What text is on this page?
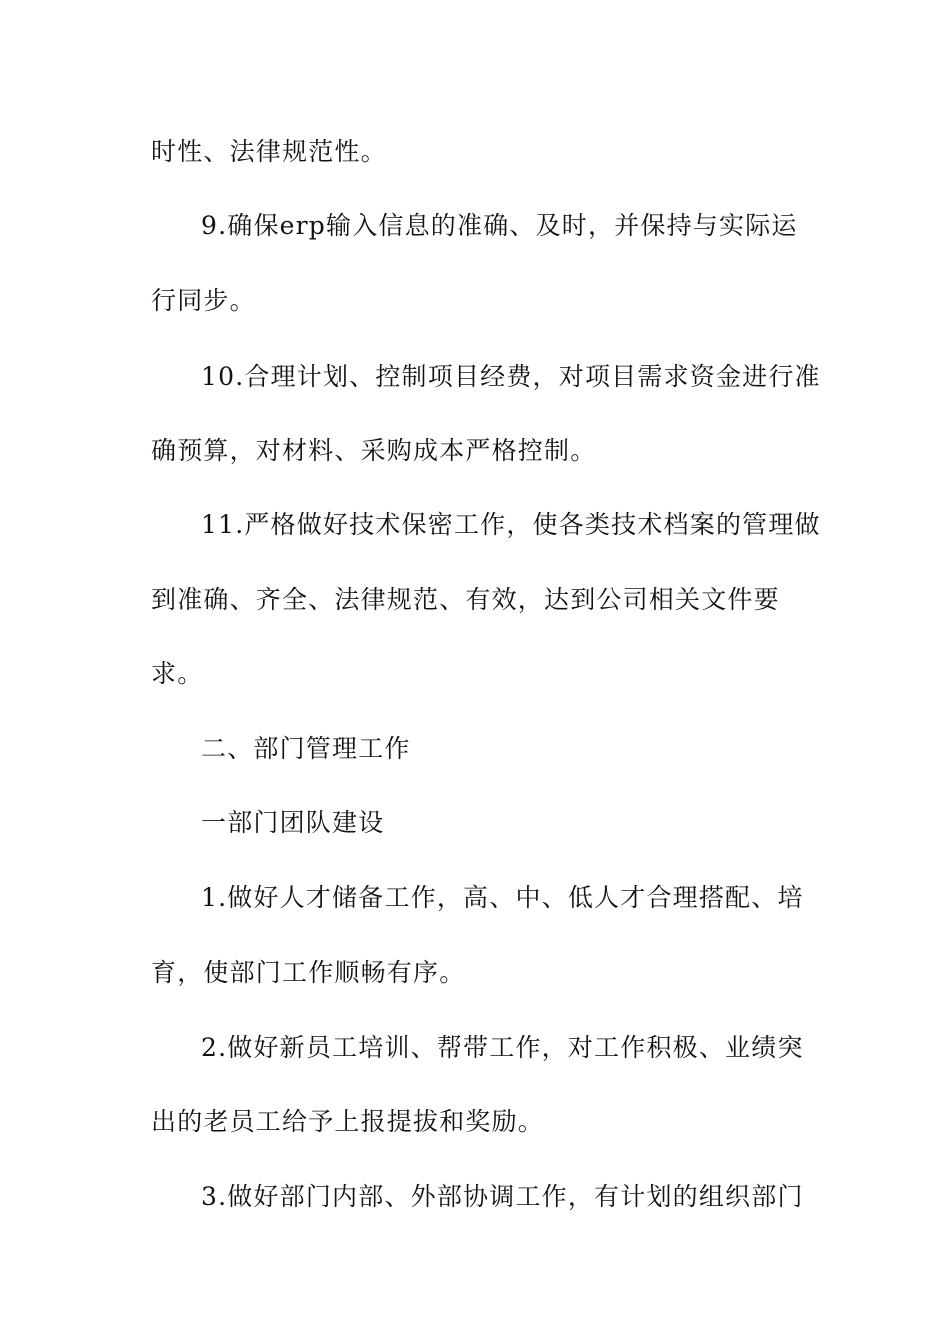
时性、法律规范性。

9.确保erp输入信息的准确、及时，并保持与实际运

行同步。

10.合理计划、控制项目经费，对项目需求资金进行准

确预算，对材料、采购成本严格控制。

11.严格做好技术保密工作，使各类技术档案的管理做

到准确、齐全、法律规范、有效，达到公司相关文件要

求。

二、部门管理工作

一部门团队建设

1.做好人才储备工作，高、中、低人才合理搭配、培

育，使部门工作顺畅有序。

2.做好新员工培训、帮带工作，对工作积极、业绩突

出的老员工给予上报提拔和奖励。

3.做好部门内部、外部协调工作，有计划的组织部门
